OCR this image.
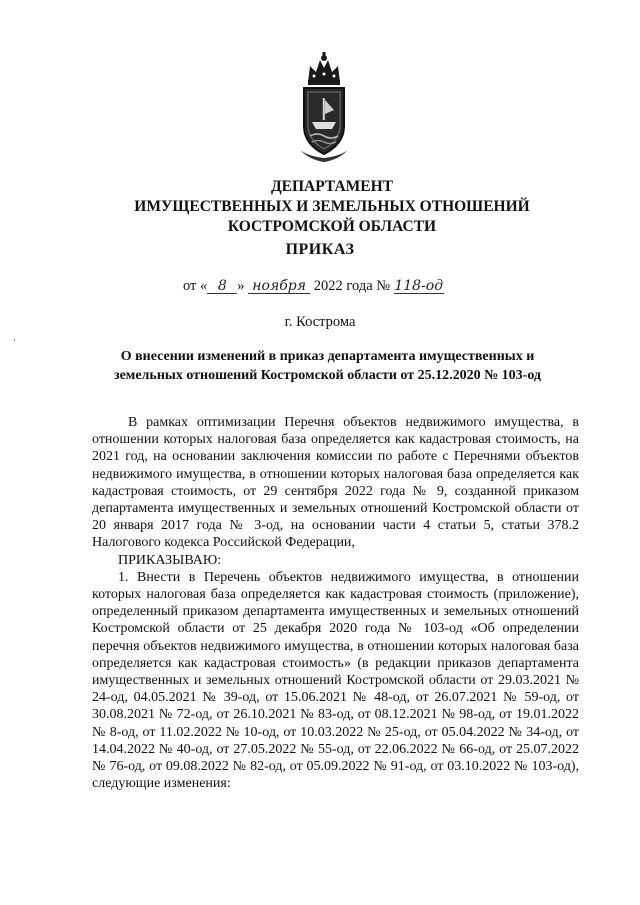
ДЕПАРТАМЕНТ
ИМУЩЕСТВЕННЫХ И ЗЕМЕЛЬНЫХ ОТНОШЕНИЙ
КОСТРОМСКОЙ ОБЛАСТИ
ПРИКАЗ
от « 8 » ноября 2022 года № 118-од
г. Кострома
О внесении изменений в приказ департамента имущественных и
земельных отношений Костромской области от 25.12.2020 № 103-од

В рамках оптимизации Перечня объектов недвижимого имущества, в отношении которых налоговая база определяется как кадастровая стоимость, на 2021 год, на основании заключения комиссии по работе с Перечнями объектов недвижимого имущества, в отношении которых налоговая база определяется как кадастровая стоимость, от 29 сентября 2022 года № 9, созданной приказом департамента имущественных и земельных отношений Костромской области от 20 января 2017 года № 3-од, на основании части 4 статьи 5, статьи 378.2 Налогового кодекса Российской Федерации,

ПРИКАЗЫВАЮ:

1. Внести в Перечень объектов недвижимого имущества, в отношении которых налоговая база определяется как кадастровая стоимость (приложение), определенный приказом департамента имущественных и земельных отношений Костромской области от 25 декабря 2020 года № 103-од «Об определении перечня объектов недвижимого имущества, в отношении которых налоговая база определяется как кадастровая стоимость» (в редакции приказов департамента имущественных и земельных отношений Костромской области от 29.03.2021 № 24-од, 04.05.2021 № 39-од, от 15.06.2021 № 48-од, от 26.07.2021 № 59-од, от 30.08.2021 № 72-од, от 26.10.2021 № 83-од, от 08.12.2021 № 98-од, от 19.01.2022 № 8-од, от 11.02.2022 № 10-од, от 10.03.2022 № 25-од, от 05.04.2022 № 34-од, от 14.04.2022 № 40-од, от 27.05.2022 № 55-од, от 22.06.2022 № 66-од, от 25.07.2022 № 76-од, от 09.08.2022 № 82-од, от 05.09.2022 № 91-од, от 03.10.2022 № 103-од), следующие изменения:
